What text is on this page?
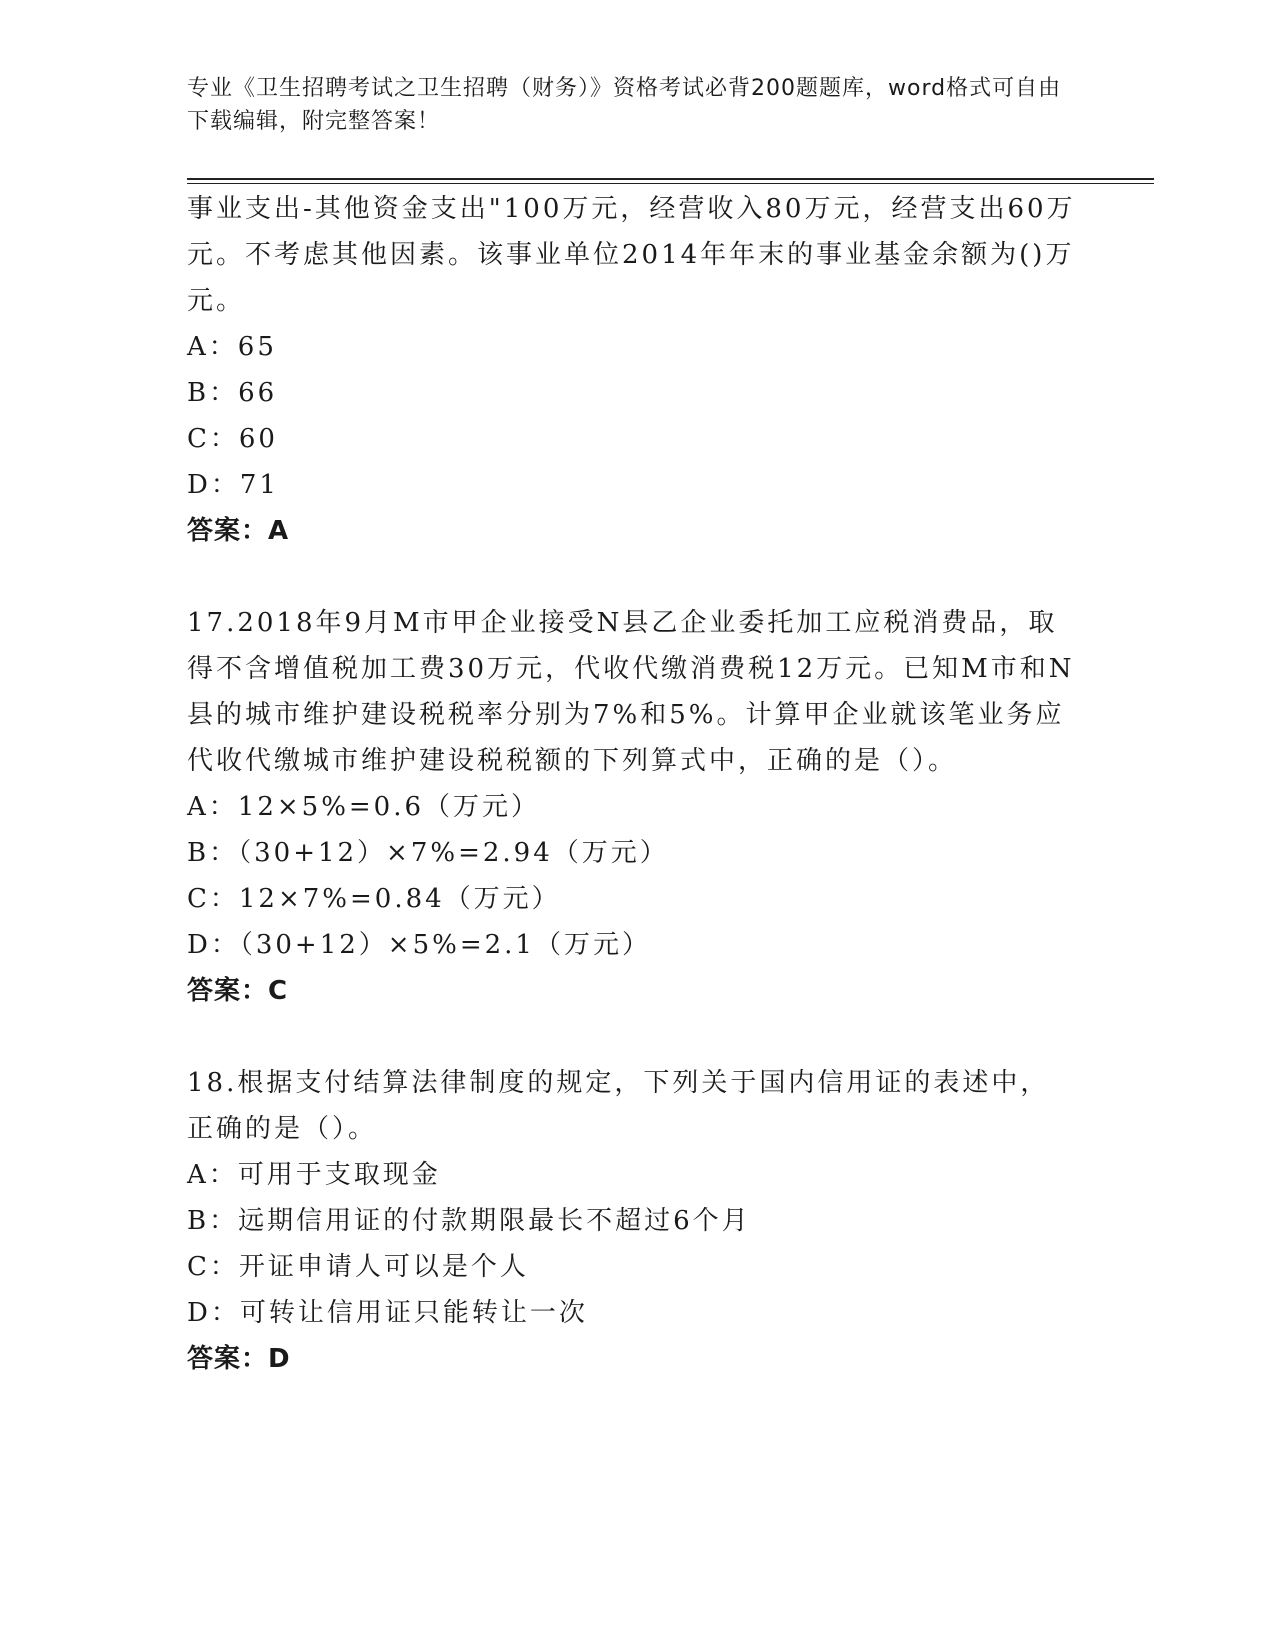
专业《卫生招聘考试之卫生招聘（财务）》资格考试必背200题题库，word格式可自由下载编辑，附完整答案！

事业支出-其他资金支出"100万元，经营收入80万元，经营支出60万元。不考虑其他因素。该事业单位2014年年末的事业基金余额为()万元。

A：65

B：66

C：60

D：71

答案：A

17.2018年9月M市甲企业接受N县乙企业委托加工应税消费品，取得不含增值税加工费30万元，代收代缴消费税12万元。已知M市和N县的城市维护建设税税率分别为7%和5%。计算甲企业就该笔业务应代收代缴城市维护建设税税额的下列算式中，正确的是（）。

A：12×5%=0.6（万元）

B：（30+12）×7%=2.94（万元）

C：12×7%=0.84（万元）

D：（30+12）×5%=2.1（万元）

答案：C

18.根据支付结算法律制度的规定，下列关于国内信用证的表述中，正确的是（）。

A：可用于支取现金

B：远期信用证的付款期限最长不超过6个月

C：开证申请人可以是个人

D：可转让信用证只能转让一次

答案：D
